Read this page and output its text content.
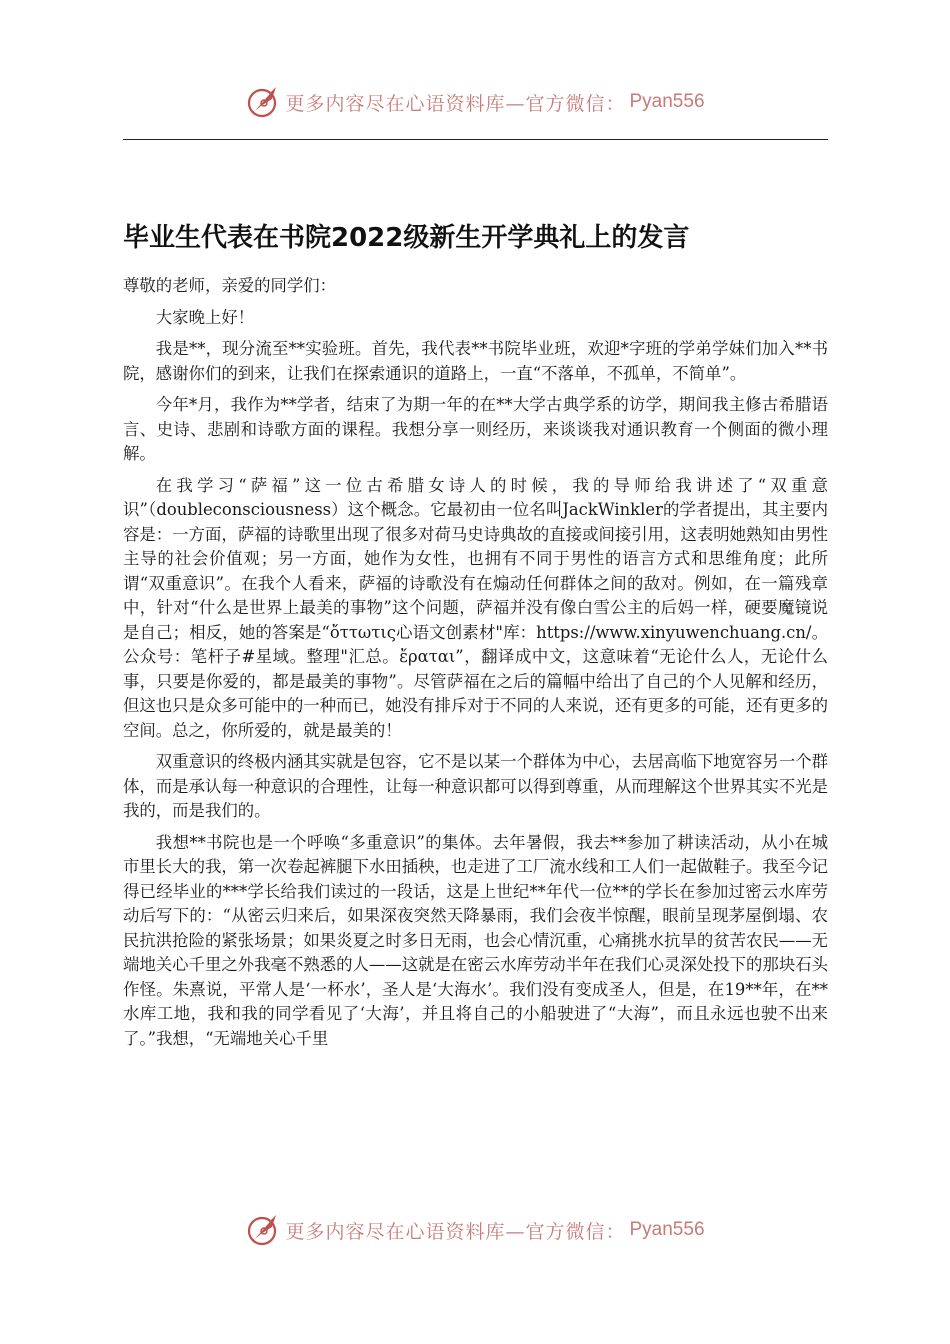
更多内容尽在心语资料库—官方微信： Pyan556
毕业生代表在书院2022级新生开学典礼上的发言

尊敬的老师，亲爱的同学们：

大家晚上好！

我是**，现分流至**实验班。首先，我代表**书院毕业班，欢迎*字班的学弟学妹们加入**书院，感谢你们的到来，让我们在探索通识的道路上，一直“不落单，不孤单，不简单”。

今年*月，我作为**学者，结束了为期一年的在**大学古典学系的访学，期间我主修古希腊语言、史诗、悲剧和诗歌方面的课程。我想分享一则经历，来谈谈我对通识教育一个侧面的微小理解。

在我学习“萨福”这一位古希腊女诗人的时候，我的导师给我讲述了“双重意识”（doubleconsciousness）这个概念。它最初由一位名叫JackWinkler的学者提出，其主要内容是：一方面，萨福的诗歌里出现了很多对荷马史诗典故的直接或间接引用，这表明她熟知由男性主导的社会价值观；另一方面，她作为女性，也拥有不同于男性的语言方式和思维角度；此所谓“双重意识”。在我个人看来，萨福的诗歌没有在煽动任何群体之间的敌对。例如，在一篇残章中，针对“什么是世界上最美的事物”这个问题，萨福并没有像白雪公主的后妈一样，硬要魔镜说是自己；相反，她的答案是“ὄττωτις心语文创素材"库：https://www.xinyuwenchuang.cn/。公众号：笔杆子#星域。整理"汇总。ἔραται”，翻译成中文，这意味着“无论什么人，无论什么事，只要是你爱的，都是最美的事物”。尽管萨福在之后的篇幅中给出了自己的个人见解和经历，但这也只是众多可能中的一种而已，她没有排斥对于不同的人来说，还有更多的可能，还有更多的空间。总之，你所爱的，就是最美的！

双重意识的终极内涵其实就是包容，它不是以某一个群体为中心，去居高临下地宽容另一个群体，而是承认每一种意识的合理性，让每一种意识都可以得到尊重，从而理解这个世界其实不光是我的，而是我们的。

我想**书院也是一个呼唤“多重意识”的集体。去年暑假，我去**参加了耕读活动，从小在城市里长大的我，第一次卷起裤腿下水田插秧，也走进了工厂流水线和工人们一起做鞋子。我至今记得已经毕业的***学长给我们读过的一段话，这是上世纪**年代一位**的学长在参加过密云水库劳动后写下的：“从密云归来后，如果深夜突然天降暴雨，我们会夜半惊醒，眼前呈现茅屋倒塌、农民抗洪抢险的紧张场景；如果炎夏之时多日无雨，也会心情沉重，心痛挑水抗旱的贫苦农民——无端地关心千里之外我毫不熟悉的人——这就是在密云水库劳动半年在我们心灵深处投下的那块石头作怪。朱熹说，平常人是‘一杯水’，圣人是‘大海水’。我们没有变成圣人，但是，在19**年，在**水库工地，我和我的同学看见了‘大海’，并且将自己的小船驶进了“大海”，而且永远也驶不出来了。”我想，“无端地关心千里

更多内容尽在心语资料库—官方微信： Pyan556
